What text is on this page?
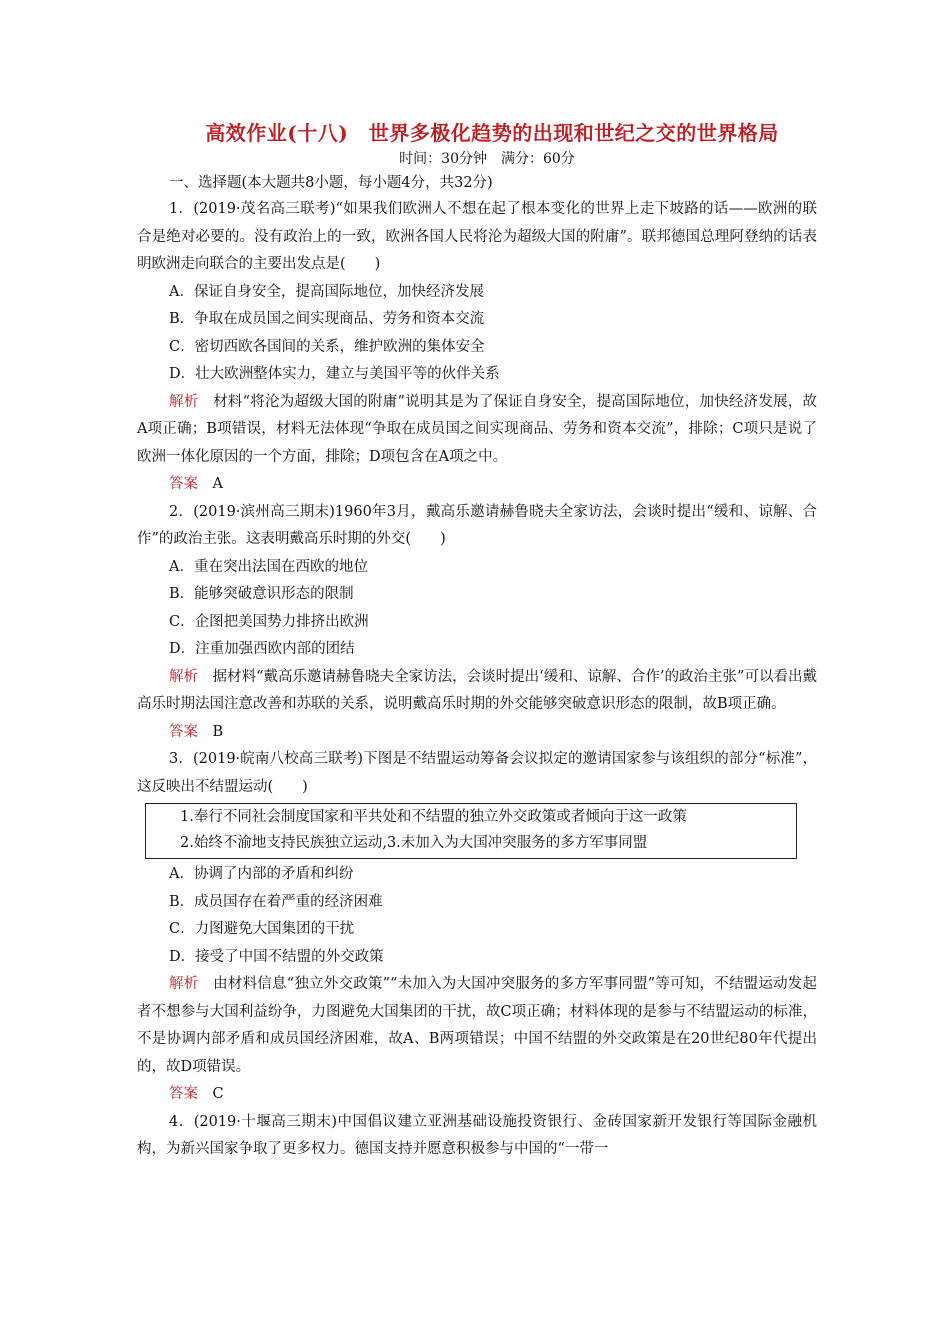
高效作业(十八)　世界多极化趋势的出现和世纪之交的世界格局
时间：30分钟　满分：60分
一、选择题(本大题共8小题，每小题4分，共32分)

1．(2019·茂名高三联考)“如果我们欧洲人不想在起了根本变化的世界上走下坡路的话——欧洲的联合是绝对必要的。没有政治上的一致，欧洲各国人民将沦为超级大国的附庸”。联邦德国总理阿登纳的话表明欧洲走向联合的主要出发点是(　　)

A．保证自身安全，提高国际地位，加快经济发展

B．争取在成员国之间实现商品、劳务和资本交流

C．密切西欧各国间的关系，维护欧洲的集体安全

D．壮大欧洲整体实力，建立与美国平等的伙伴关系

解析　 材料“将沦为超级大国的附庸”说明其是为了保证自身安全，提高国际地位，加快经济发展，故A项正确；B项错误，材料无法体现“争取在成员国之间实现商品、劳务和资本交流”，排除；C项只是说了欧洲一体化原因的一个方面，排除；D项包含在A项之中。

答案　 A

2．(2019·滨州高三期末)1960年3月，戴高乐邀请赫鲁晓夫全家访法，会谈时提出“缓和、谅解、合作”的政治主张。这表明戴高乐时期的外交(　　)

A．重在突出法国在西欧的地位

B．能够突破意识形态的限制

C．企图把美国势力排挤出欧洲

D．注重加强西欧内部的团结

解析　 据材料“戴高乐邀请赫鲁晓夫全家访法，会谈时提出‘缓和、谅解、合作’的政治主张”可以看出戴高乐时期法国注意改善和苏联的关系，说明戴高乐时期的外交能够突破意识形态的限制，故B项正确。

答案　 B

3．(2019·皖南八校高三联考)下图是不结盟运动筹备会议拟定的邀请国家参与该组织的部分“标准”，这反映出不结盟运动(　　)

1.奉行不同社会制度国家和平共处和不结盟的独立外交政策或者倾向于这一政策

2.始终不渝地支持民族独立运动,3.未加入为大国冲突服务的多方军事同盟

A．协调了内部的矛盾和纠纷

B．成员国存在着严重的经济困难

C．力图避免大国集团的干扰

D．接受了中国不结盟的外交政策

解析　 由材料信息“独立外交政策”“未加入为大国冲突服务的多方军事同盟”等可知，不结盟运动发起者不想参与大国利益纷争，力图避免大国集团的干扰，故C项正确；材料体现的是参与不结盟运动的标准，不是协调内部矛盾和成员国经济困难，故A、B两项错误；中国不结盟的外交政策是在20世纪80年代提出的，故D项错误。

答案　 C

4．(2019·十堰高三期末)中国倡议建立亚洲基础设施投资银行、金砖国家新开发银行等国际金融机构，为新兴国家争取了更多权力。德国支持并愿意积极参与中国的“一带一
